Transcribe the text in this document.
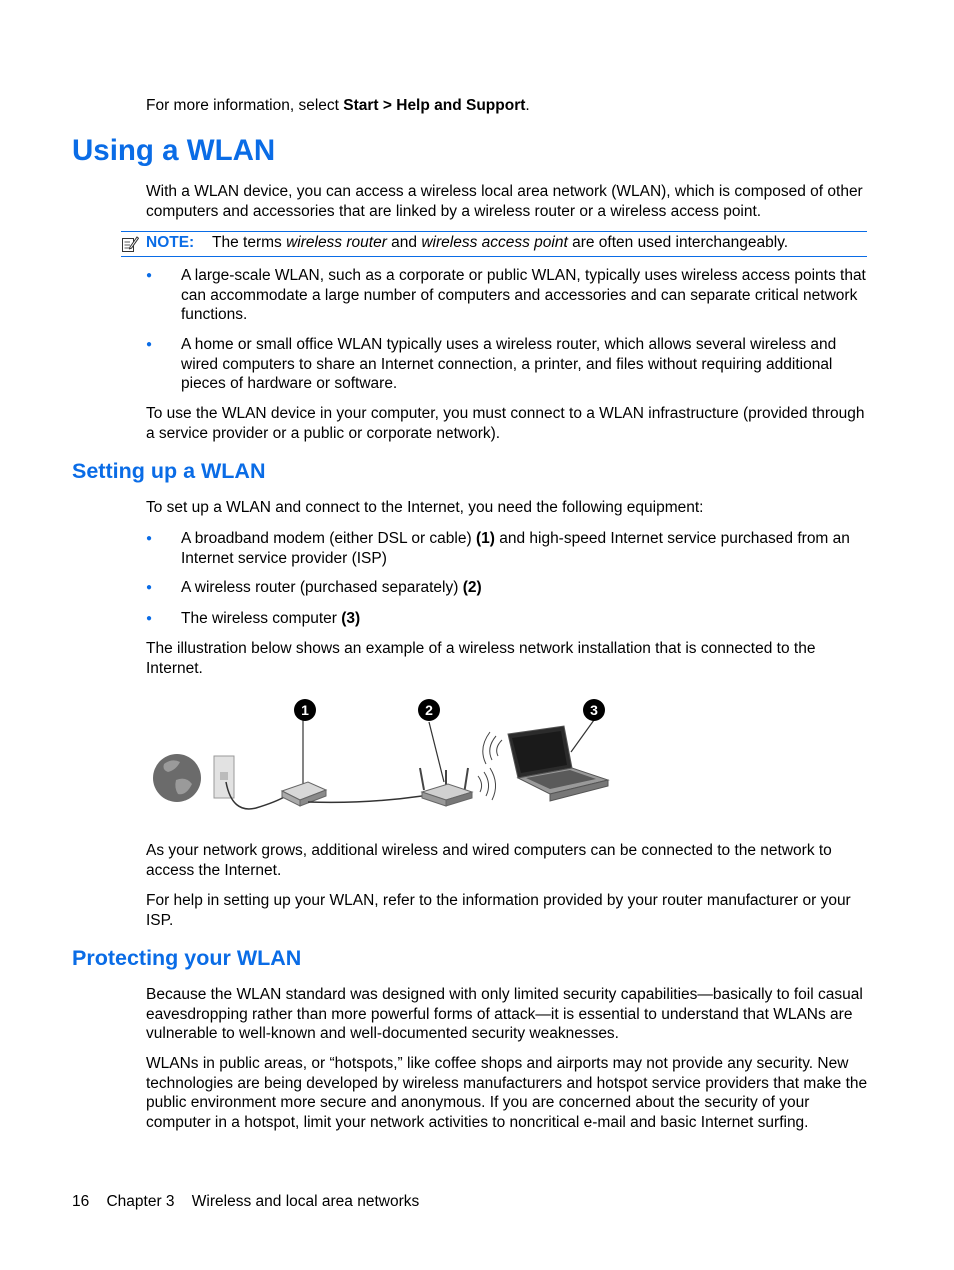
For more information, select Start > Help and Support.

Using a WLAN

With a WLAN device, you can access a wireless local area network (WLAN), which is composed of other computers and accessories that are linked by a wireless router or a wireless access point.

NOTE: The terms wireless router and wireless access point are often used interchangeably.
● A large-scale WLAN, such as a corporate or public WLAN, typically uses wireless access points that can accommodate a large number of computers and accessories and can separate critical network functions.

● A home or small office WLAN typically uses a wireless router, which allows several wireless and wired computers to share an Internet connection, a printer, and files without requiring additional pieces of hardware or software.

To use the WLAN device in your computer, you must connect to a WLAN infrastructure (provided through a service provider or a public or corporate network).

Setting up a WLAN

To set up a WLAN and connect to the Internet, you need the following equipment:

● A broadband modem (either DSL or cable) (1) and high-speed Internet service purchased from an Internet service provider (ISP)

● A wireless router (purchased separately) (2)

● The wireless computer (3)

The illustration below shows an example of a wireless network installation that is connected to the Internet.

1	2	3

As your network grows, additional wireless and wired computers can be connected to the network to access the Internet.

For help in setting up your WLAN, refer to the information provided by your router manufacturer or your ISP.

Protecting your WLAN

Because the WLAN standard was designed with only limited security capabilities—basically to foil casual eavesdropping rather than more powerful forms of attack—it is essential to understand that WLANs are vulnerable to well-known and well-documented security weaknesses.

WLANs in public areas, or “hotspots,” like coffee shops and airports may not provide any security. New technologies are being developed by wireless manufacturers and hotspot service providers that make the public environment more secure and anonymous. If you are concerned about the security of your computer in a hotspot, limit your network activities to noncritical e-mail and basic Internet surfing.

16 Chapter 3 Wireless and local area networks
